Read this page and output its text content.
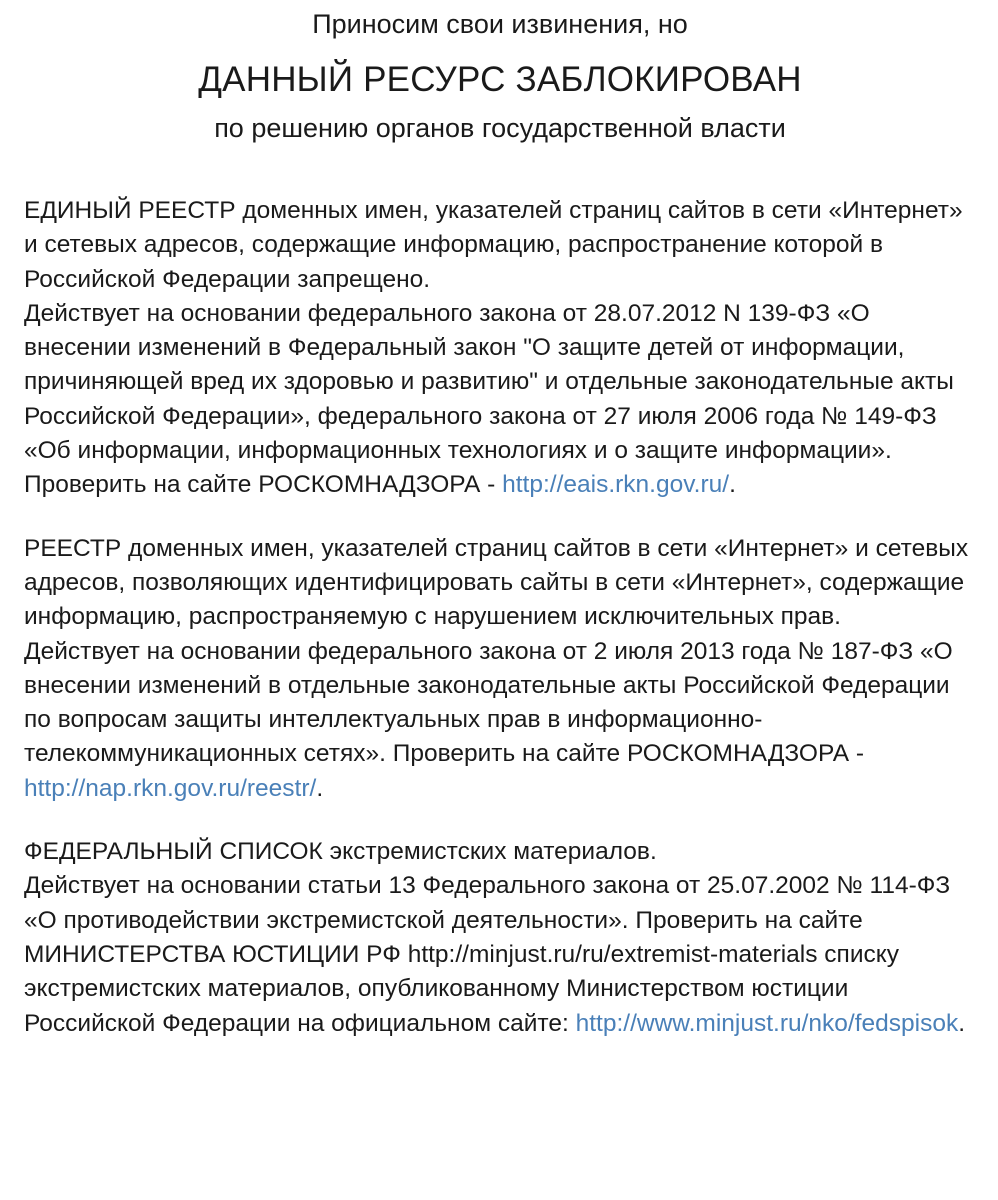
Приносим свои извинения, но
ДАННЫЙ РЕСУРС ЗАБЛОКИРОВАН
по решению органов государственной власти

ЕДИНЫЙ РЕЕСТР доменных имен, указателей страниц сайтов в сети «Интернет» и сетевых адресов, содержащие информацию, распространение которой в Российской Федерации запрещено.

Действует на основании федерального закона от 28.07.2012 N 139-ФЗ «О внесении изменений в Федеральный закон "О защите детей от информации, причиняющей вред их здоровью и развитию" и отдельные законодательные акты Российской Федерации», федерального закона от 27 июля 2006 года № 149-ФЗ «Об информации, информационных технологиях и о защите информации». Проверить на сайте РОСКОМНАДЗОРА - http://eais.rkn.gov.ru/.

РЕЕСТР доменных имен, указателей страниц сайтов в сети «Интернет» и сетевых адресов, позволяющих идентифицировать сайты в сети «Интернет», содержащие информацию, распространяемую с нарушением исключительных прав.

Действует на основании федерального закона от 2 июля 2013 года № 187-ФЗ «О внесении изменений в отдельные законодательные акты Российской Федерации по вопросам защиты интеллектуальных прав в информационно-телекоммуникационных сетях». Проверить на сайте РОСКОМНАДЗОРА - http://nap.rkn.gov.ru/reestr/.

ФЕДЕРАЛЬНЫЙ СПИСОК экстремистских материалов.

Действует на основании статьи 13 Федерального закона от 25.07.2002 № 114-ФЗ «О противодействии экстремистской деятельности». Проверить на сайте МИНИСТЕРСТВА ЮСТИЦИИ РФ http://minjust.ru/ru/extremist-materials списку экстремистских материалов, опубликованному Министерством юстиции Российской Федерации на официальном сайте: http://www.minjust.ru/nko/fedspisok.
